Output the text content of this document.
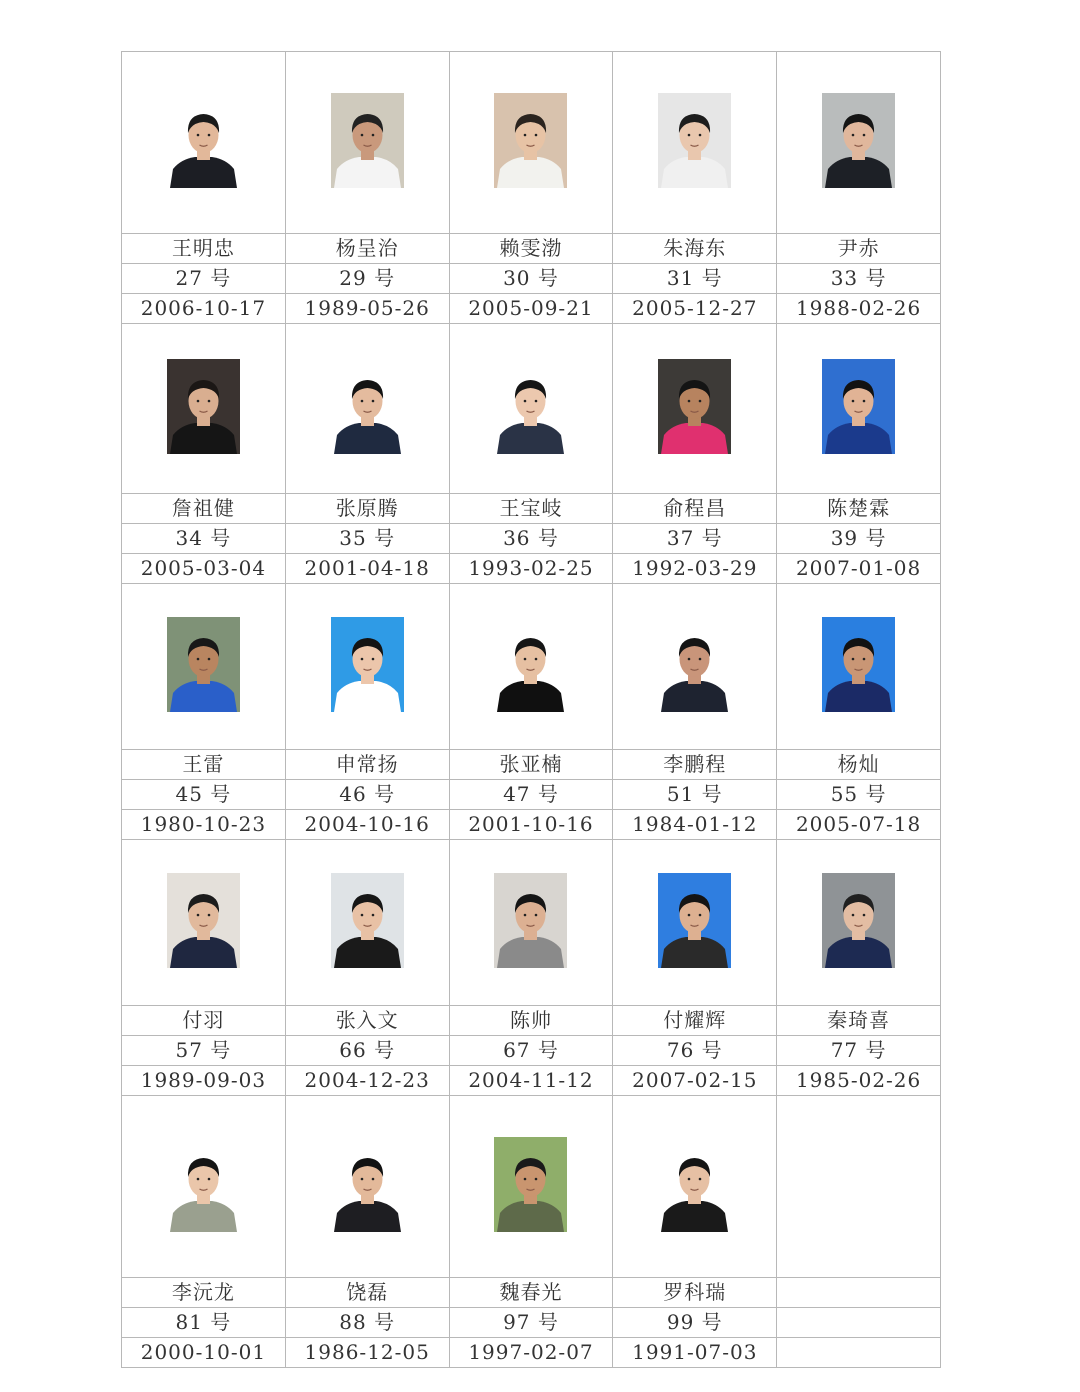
王明忠	杨呈治	赖雯渤	朱海东	尹赤
27 号	29 号	30 号	31 号	33 号
2006-10-17	1989-05-26	2005-09-21	2005-12-27	1988-02-26

詹祖健	张原腾	王宝岐	俞程昌	陈楚霖
34 号	35 号	36 号	37 号	39 号
2005-03-04	2001-04-18	1993-02-25	1992-03-29	2007-01-08

王雷	申常扬	张亚楠	李鹏程	杨灿
45 号	46 号	47 号	51 号	55 号
1980-10-23	2004-10-16	2001-10-16	1984-01-12	2005-07-18

付羽	张入文	陈帅	付耀辉	秦琦喜
57 号	66 号	67 号	76 号	77 号
1989-09-03	2004-12-23	2004-11-12	2007-02-15	1985-02-26

李沅龙	饶磊	魏春光	罗科瑞	
81 号	88 号	97 号	99 号	
2000-10-01	1986-12-05	1997-02-07	1991-07-03	
